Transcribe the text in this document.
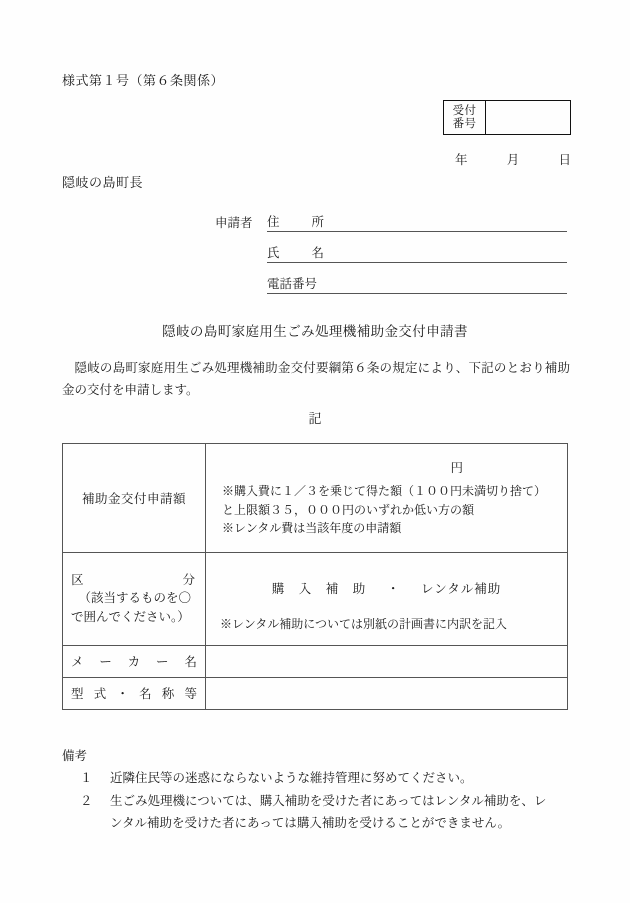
様式第１号（第６条関係）
受付
番号
年	月	日
隠岐の島町長
申請者	住	所
氏	名
電話番号
隠岐の島町家庭用生ごみ処理機補助金交付申請書
隠岐の島町家庭用生ごみ処理機補助金交付要綱第６条の規定により、下記のとおり補助金の交付を申請します。
記
補助金交付申請額	円
※購入費に１／３を乗じて得た額（１００円未満切り捨て）
と上限額３５，０００円のいずれか低い方の額
※レンタル費は当該年度の申請額

区	分
（該当するものを〇
で囲んでください。）

購　入　補　助 ・ レンタル補助
※レンタル補助については別紙の計画書に内訳を記入

メーカー名	
型式・名称等	
備考
１	近隣住民等の迷惑にならないような維持管理に努めてください。
２	生ごみ処理機については、購入補助を受けた者にあってはレンタル補助を、レ
ンタル補助を受けた者にあっては購入補助を受けることができません。
